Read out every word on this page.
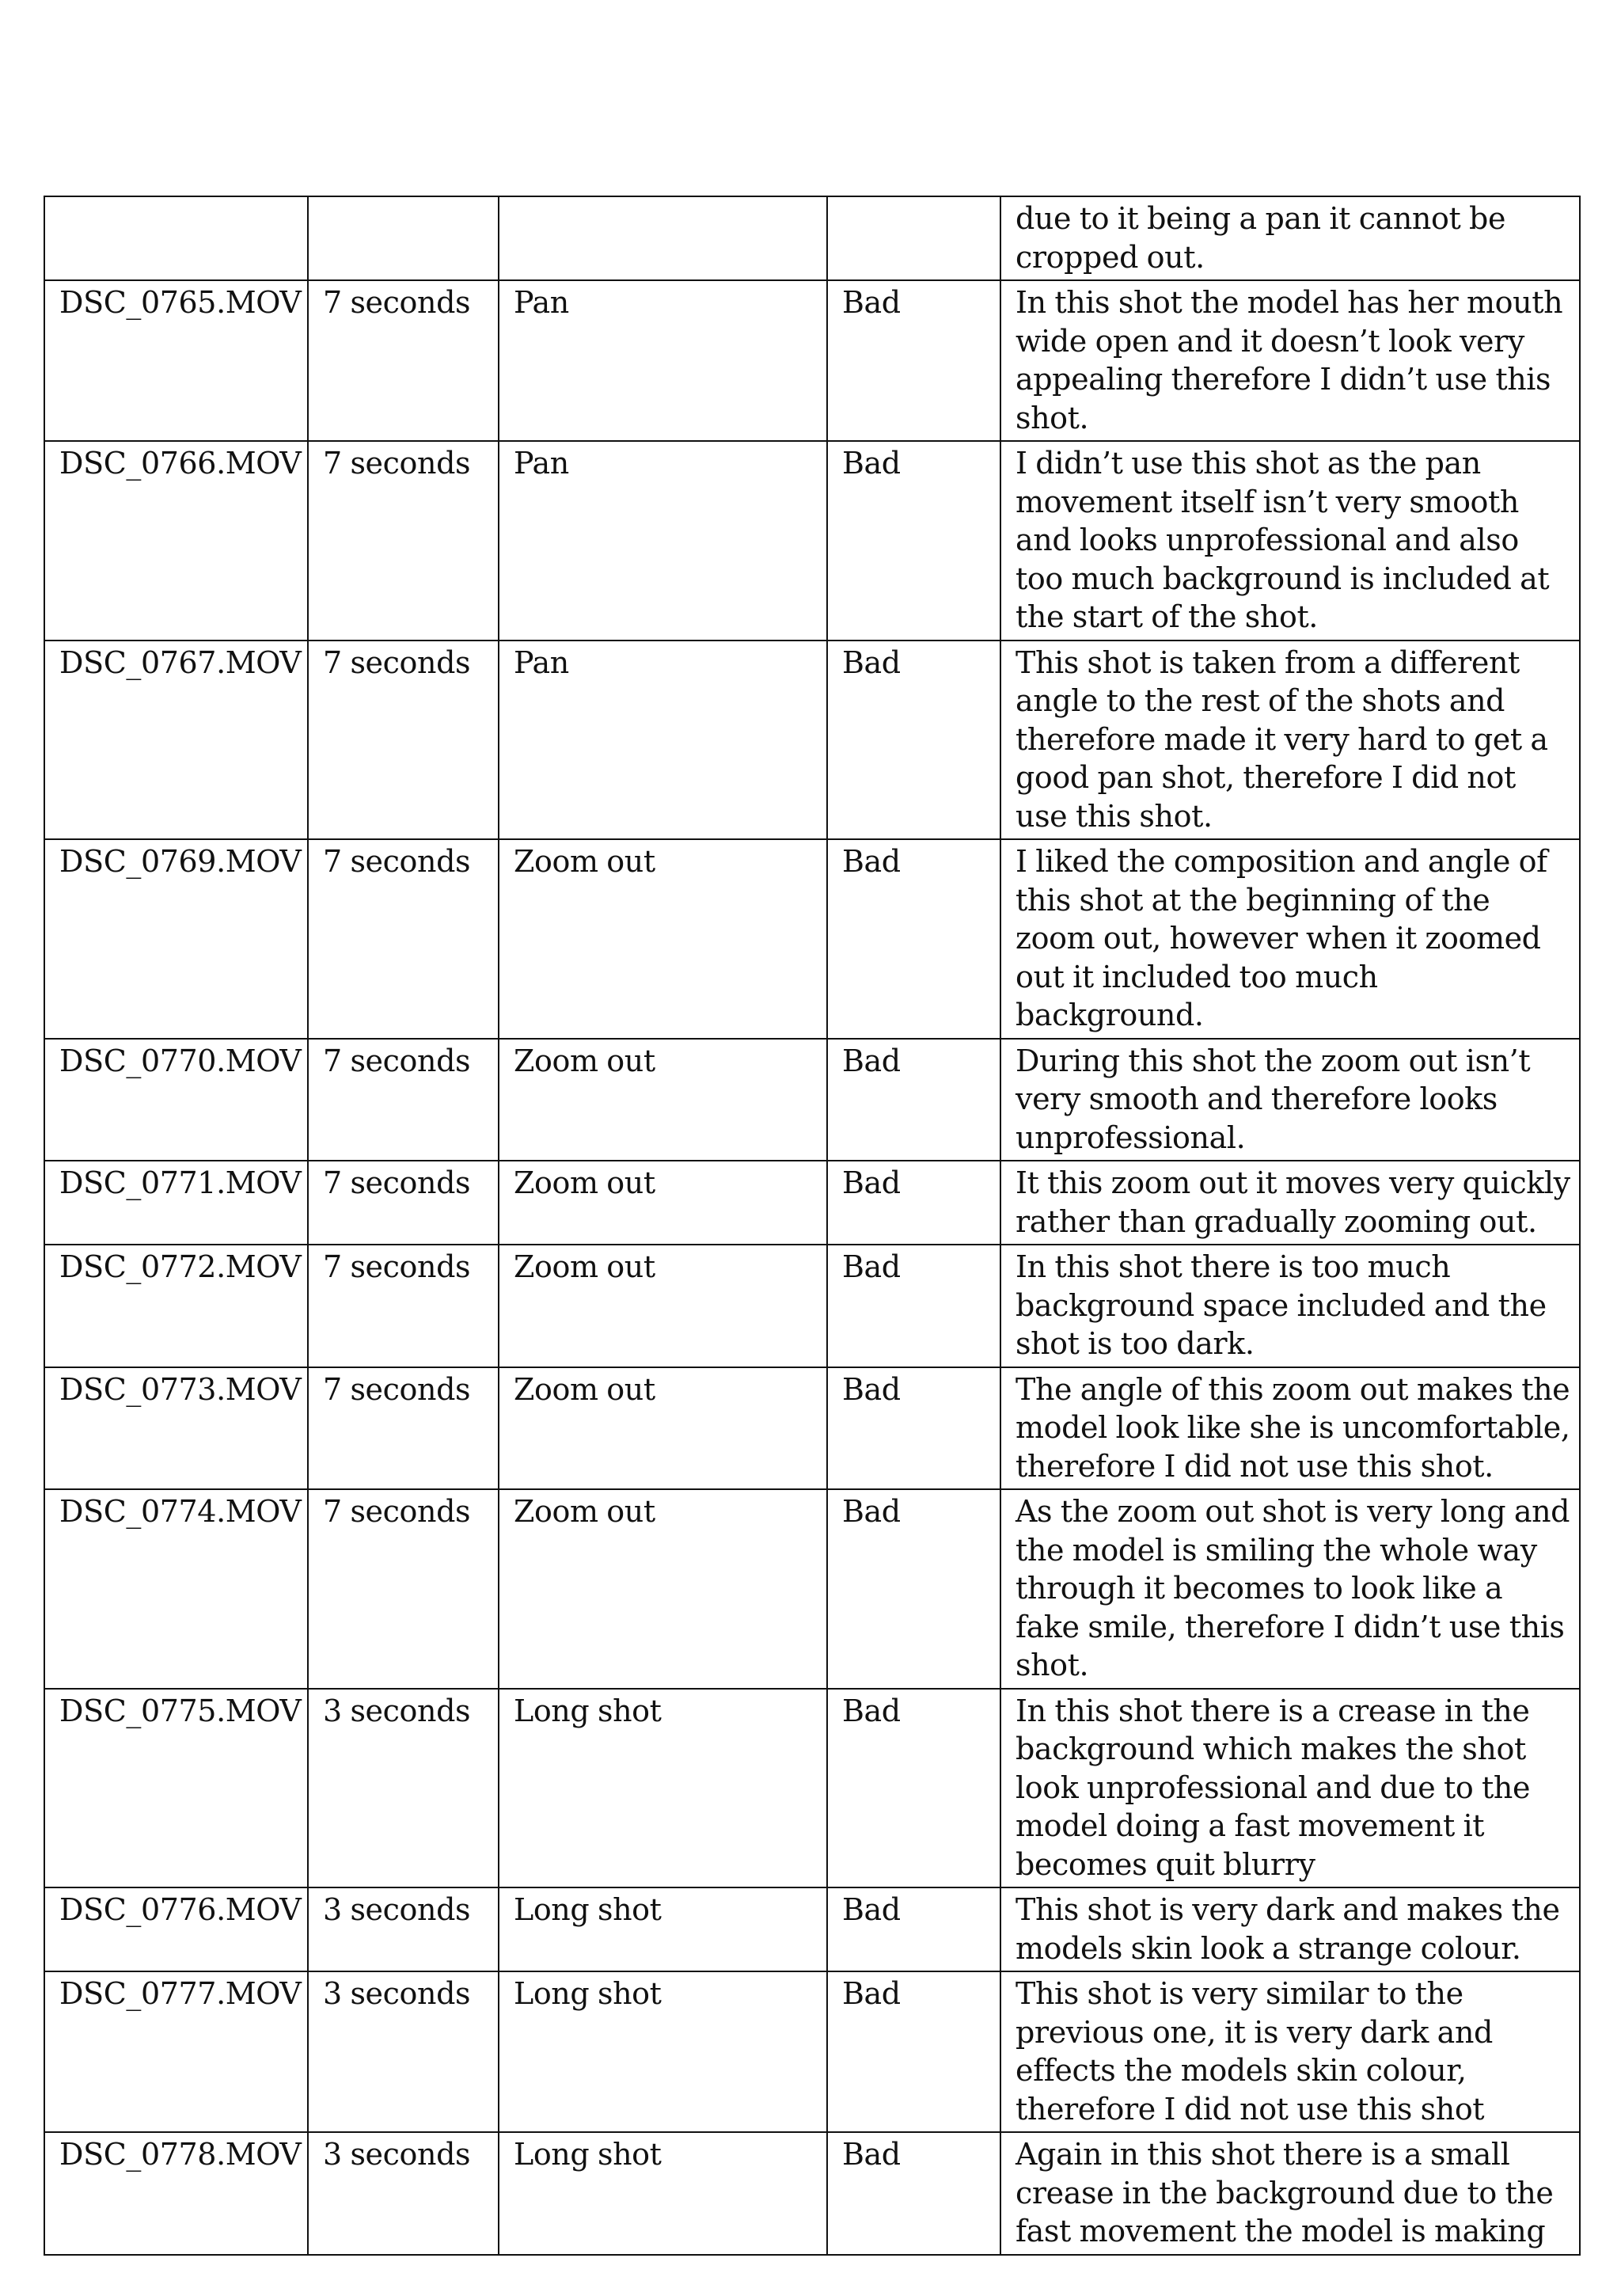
				due to it being a pan it cannot be cropped out.
DSC_0765.MOV	7 seconds	Pan	Bad	In this shot the model has her mouth wide open and it doesn’t look very appealing therefore I didn’t use this shot.
DSC_0766.MOV	7 seconds	Pan	Bad	I didn’t use this shot as the pan movement itself isn’t very smooth and looks unprofessional and also too much background is included at the start of the shot.
DSC_0767.MOV	7 seconds	Pan	Bad	This shot is taken from a different angle to the rest of the shots and therefore made it very hard to get a good pan shot, therefore I did not use this shot.
DSC_0769.MOV	7 seconds	Zoom out	Bad	I liked the composition and angle of this shot at the beginning of the zoom out, however when it zoomed out it included too much background.
DSC_0770.MOV	7 seconds	Zoom out	Bad	During this shot the zoom out isn’t very smooth and therefore looks unprofessional.
DSC_0771.MOV	7 seconds	Zoom out	Bad	It this zoom out it moves very quickly rather than gradually zooming out.
DSC_0772.MOV	7 seconds	Zoom out	Bad	In this shot there is too much background space included and the shot is too dark.
DSC_0773.MOV	7 seconds	Zoom out	Bad	The angle of this zoom out makes the model look like she is uncomfortable, therefore I did not use this shot.
DSC_0774.MOV	7 seconds	Zoom out	Bad	As the zoom out shot is very long and the model is smiling the whole way through it becomes to look like a fake smile, therefore I didn’t use this shot.
DSC_0775.MOV	3 seconds	Long shot	Bad	In this shot there is a crease in the background which makes the shot look unprofessional and due to the model doing a fast movement it becomes quit blurry
DSC_0776.MOV	3 seconds	Long shot	Bad	This shot is very dark and makes the models skin look a strange colour.
DSC_0777.MOV	3 seconds	Long shot	Bad	This shot is very similar to the previous one, it is very dark and effects the models skin colour, therefore I did not use this shot
DSC_0778.MOV	3 seconds	Long shot	Bad	Again in this shot there is a small crease in the background due to the fast movement the model is making
